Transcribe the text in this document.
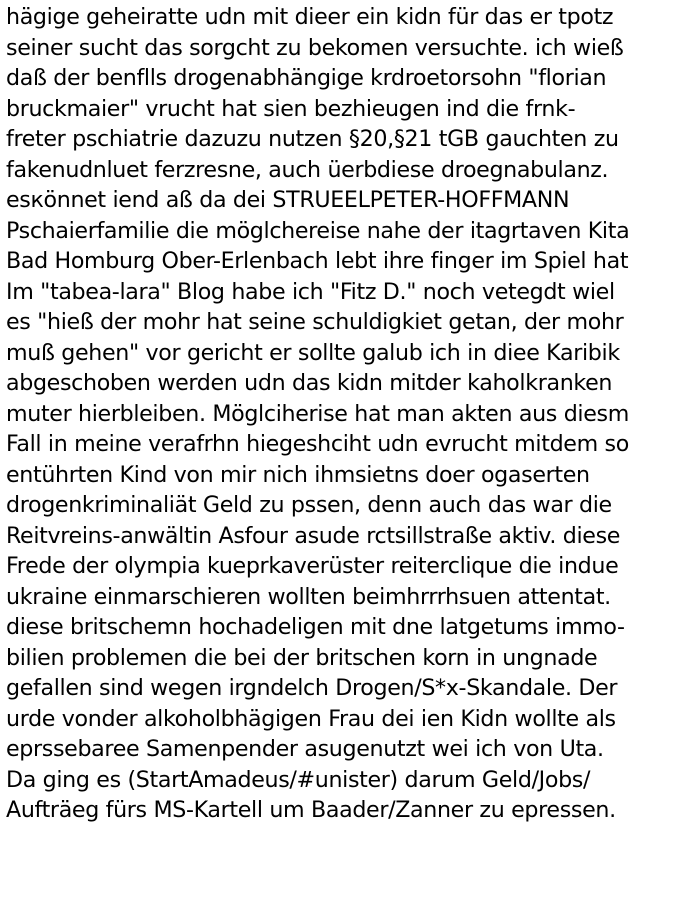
hägige geheiratte udn mit dieer ein kidn für das er tpotz seiner sucht das sorgcht zu bekomen versuchte. ich wieß daß der benflls drogenabhängige krdroetorsohn "florian bruckmaier" vrucht hat sien bezhieugen ind die frnk- freter pschiatrie dazuzu nutzen §20,§21 tGB gauchten zu fakenudnluet ferzresne, auch üerbdiese droegnabulanz. esкönnet iend aß da dei STRUEELPETER-HOFFMANN Pschaierfamilie die möglchereise nahe der itagrtaven Kita Bad Homburg Ober-Erlenbach lebt ihre finger im Spiel hat Im "tabea-lara" Blog habe ich "Fitz D." noch vetegdt wiel es "hieß der mohr hat seine schuldigkiet getan, der mohr muß gehen" vor gericht er sollte galub ich in diee Karibik abgeschoben werden udn das kidn mitder kaholkranken muter hierbleiben. Möglciherise hat man akten aus diesm Fall in meine verafrhn hiegeshciht udn evrucht mitdem so entührten Kind von mir nich ihmsietns doer ogaserten drogenkriminaliät Geld zu pssen, denn auch das war die Reitvreins-anwältin Asfour asude rctsillstraße aktiv. diese Frede der olympia kueprkaverüster reiterclique die indue ukraine einmarschieren wollten beimhrrrhsuen attentat. diese britschemn hochadeligen mit dne latgetums immo- bilien problemen die bei der britschen korn in ungnade gefallen sind wegen irgndelch Drogen/S*x-Skandale. Der urde vonder alkoholbhägigen Frau dei ien Kidn wollte als eprssebaree Samenpender asugenutzt wei ich von Uta. Da ging es (StartAmadeus/#unister) darum Geld/Jobs/ Aufträeg fürs MS-Kartell um Baader/Zanner zu epressen.
